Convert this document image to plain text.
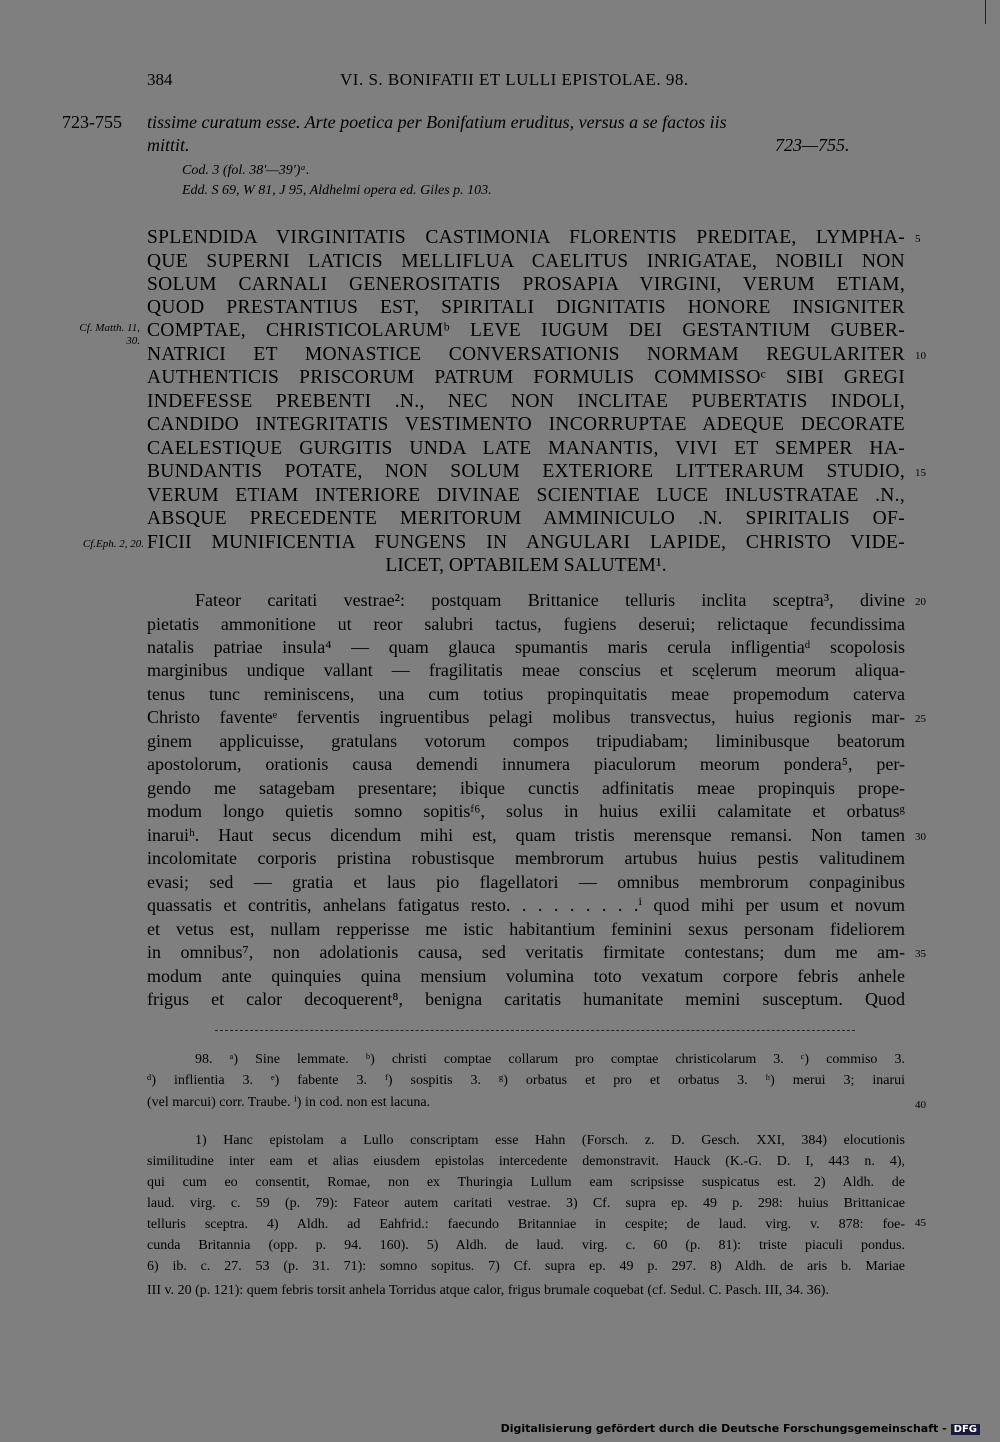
384	VI. S. BONIFATII ET LULLI EPISTOLAE. 98.
723-755 tissime curatum esse. Arte poetica per Bonifatium eruditus, versus a se factos iis
mittit.	723—755.
Cod. 3 (fol. 38'—39')ᵃ.
Edd. S 69, W 81, J 95, Aldhelmi opera ed. Giles p. 103.
SPLENDIDA VIRGINITATIS CASTIMONIA FLORENTIS PREDITAE, LYMPHA-
QUE SUPERNI LATICIS MELLIFLUA CAELITUS INRIGATAE, NOBILI NON
SOLUM CARNALI GENEROSITATIS PROSAPIA VIRGINI, VERUM ETIAM,
QUOD PRESTANTIUS EST, SPIRITALI DIGNITATIS HONORE INSIGNITER
COMPTAE, CHRISTICOLARUMᵇ LEVE IUGUM DEI GESTANTIUM GUBER-
NATRICI ET MONASTICE CONVERSATIONIS NORMAM REGULARITER
AUTHENTICIS PRISCORUM PATRUM FORMULIS COMMISSOᶜ SIBI GREGI
INDEFESSE PREBENTI .N., NEC NON INCLITAE PUBERTATIS INDOLI,
CANDIDO INTEGRITATIS VESTIMENTO INCORRUPTAE ADEQUE DECORATE
CAELESTIQUE GURGITIS UNDA LATE MANANTIS, VIVI ET SEMPER HA-
BUNDANTIS POTATE, NON SOLUM EXTERIORE LITTERARUM STUDIO,
VERUM ETIAM INTERIORE DIVINAE SCIENTIAE LUCE INLUSTRATAE .N.,
ABSQUE PRECEDENTE MERITORUM AMMINICULO .N. SPIRITALIS OF-
FICII MUNIFICENTIA FUNGENS IN ANGULARI LAPIDE, CHRISTO VIDE-
LICET, OPTABILEM SALUTEM¹.
Cf. Matth. 11, 30.
Cf.Eph. 2, 20.
Fateor caritati vestrae²: postquam Brittanice telluris inclita sceptra³, divine
pietatis ammonitione ut reor salubri tactus, fugiens deserui; relictaque fecundissima
natalis patriae insula⁴ — quam glauca spumantis maris cerula infligentiaᵈ scopolosis
marginibus undique vallant — fragilitatis meae conscius et scęlerum meorum aliqua-
tenus tunc reminiscens, una cum totius propinquitatis meae propemodum caterva
Christo faventeᵉ ferventis ingruentibus pelagi molibus transvectus, huius regionis mar-
ginem applicuisse, gratulans votorum compos tripudiabam; liminibusque beatorum
apostolorum, orationis causa demendi innumera piaculorum meorum pondera⁵, per-
gendo me satagebam presentare; ibique cunctis adfinitatis meae propinquis prope-
modum longo quietis somno sopitisᶠ⁶, solus in huius exilii calamitate et orbatusᵍ
inaruiʰ. Haut secus dicendum mihi est, quam tristis merensque remansi. Non tamen
incolomitate corporis pristina robustisque membrorum artubus huius pestis valitudinem
evasi; sed — gratia et laus pio flagellatori — omnibus membrorum conpaginibus
quassatis et contritis, anhelans fatigatus resto. . . . . . . . .ⁱ quod mihi per usum et novum
et vetus est, nullam repperisse me istic habitantium feminini sexus personam fideliorem
in omnibus⁷, non adolationis causa, sed veritatis firmitate contestans; dum me am-
modum ante quinquies quina mensium volumina toto vexatum corpore febris anhele
frigus et calor decoquerent⁸, benigna caritatis humanitate memini susceptum. Quod
5
10
15
20
25
30
35
40
45
98. ᵃ) Sine lemmate. ᵇ) christi comptae collarum pro comptae christicolarum 3. ᶜ) commiso 3.
ᵈ) inflientia 3. ᵉ) fabente 3. ᶠ) sospitis 3. ᵍ) orbatus et pro et orbatus 3. ʰ) merui 3; inarui
(vel marcui) corr. Traube. ⁱ) in cod. non est lacuna.
1) Hanc epistolam a Lullo conscriptam esse Hahn (Forsch. z. D. Gesch. XXI, 384) elocutionis
similitudine inter eam et alias eiusdem epistolas intercedente demonstravit. Hauck (K.-G. D. I, 443 n. 4),
qui cum eo consentit, Romae, non ex Thuringia Lullum eam scripsisse suspicatus est. 2) Aldh. de
laud. virg. c. 59 (p. 79): Fateor autem caritati vestrae. 3) Cf. supra ep. 49 p. 298: huius Brittanicae
telluris sceptra. 4) Aldh. ad Eahfrid.: faecundo Britanniae in cespite; de laud. virg. v. 878: foe-
cunda Britannia (opp. p. 94. 160). 5) Aldh. de laud. virg. c. 60 (p. 81): triste piaculi pondus.
6) ib. c. 27. 53 (p. 31. 71): somno sopitus. 7) Cf. supra ep. 49 p. 297. 8) Aldh. de aris b. Mariae
III v. 20 (p. 121): quem febris torsit anhela Torridus atque calor, frigus brumale coquebat (cf. Sedul. C. Pasch. III, 34. 36).
Digitalisierung gefördert durch die Deutsche Forschungsgemeinschaft - DFG
